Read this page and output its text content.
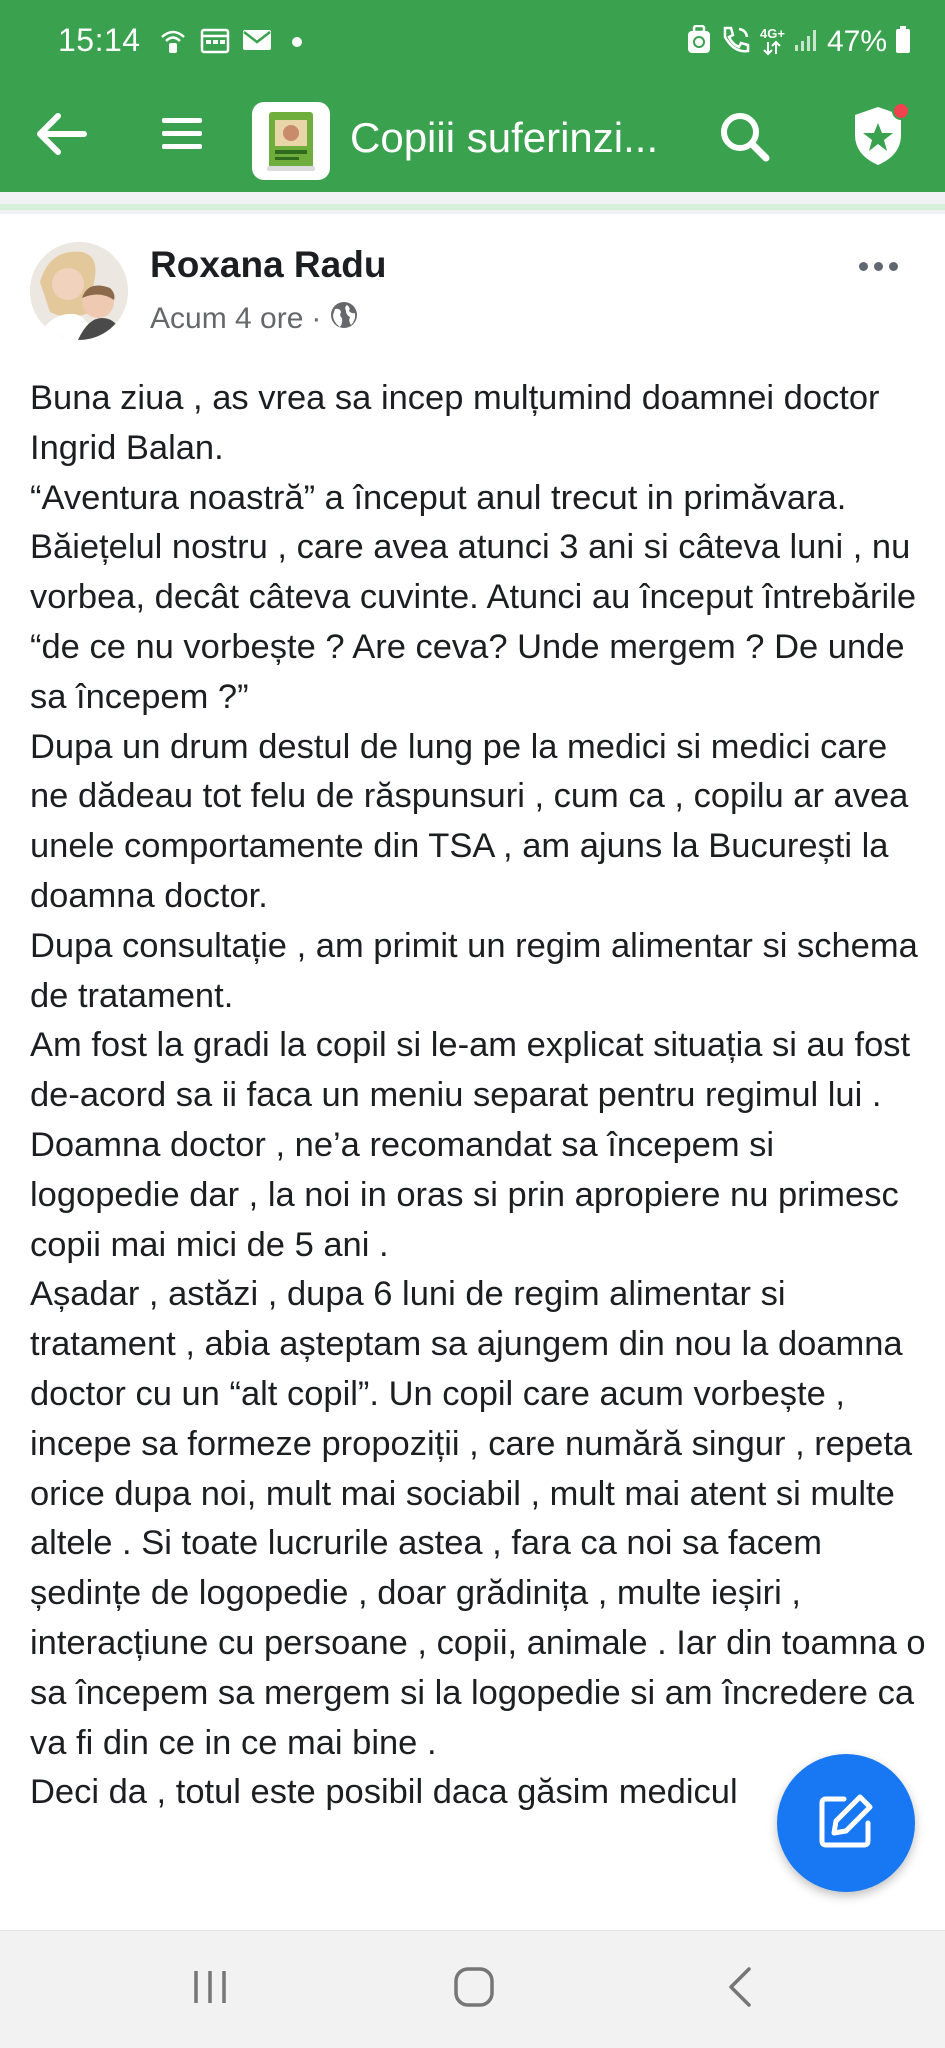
15:14	4G+ 47%
Copiii suferinzi...
Roxana Radu
Acum 4 ore ·

Buna ziua , as vrea sa incep mulțumind doamnei doctor Ingrid Balan.

“Aventura noastră” a început anul trecut in primăvara. Băiețelul nostru , care avea atunci 3 ani si câteva luni , nu vorbea, decât câteva cuvinte. Atunci au început întrebările “de ce nu vorbește ? Are ceva? Unde mergem ? De unde sa începem ?”

Dupa un drum destul de lung pe la medici si medici care ne dădeau tot felu de răspunsuri , cum ca , copilu ar avea unele comportamente din TSA , am ajuns la București la doamna doctor.

Dupa consultație , am primit un regim alimentar si schema de tratament.

Am fost la gradi la copil si le-am explicat situația si au fost de-acord sa ii faca un meniu separat pentru regimul lui .

Doamna doctor , ne’a recomandat sa începem si logopedie dar , la noi in oras si prin apropiere nu primesc copii mai mici de 5 ani .

Așadar , astăzi , dupa 6 luni de regim alimentar si tratament , abia așteptam sa ajungem din nou la doamna doctor cu un “alt copil”. Un copil care acum vorbește , incepe sa formeze propoziții , care numără singur , repeta orice dupa noi, mult mai sociabil , mult mai atent si multe altele . Si toate lucrurile astea , fara ca noi sa facem ședințe de logopedie , doar grădinița , multe ieșiri , interacțiune cu persoane , copii, animale . Iar din toamna o sa începem sa mergem si la logopedie si am încredere ca va fi din ce in ce mai bine .

Deci da , totul este posibil daca găsim medicul
